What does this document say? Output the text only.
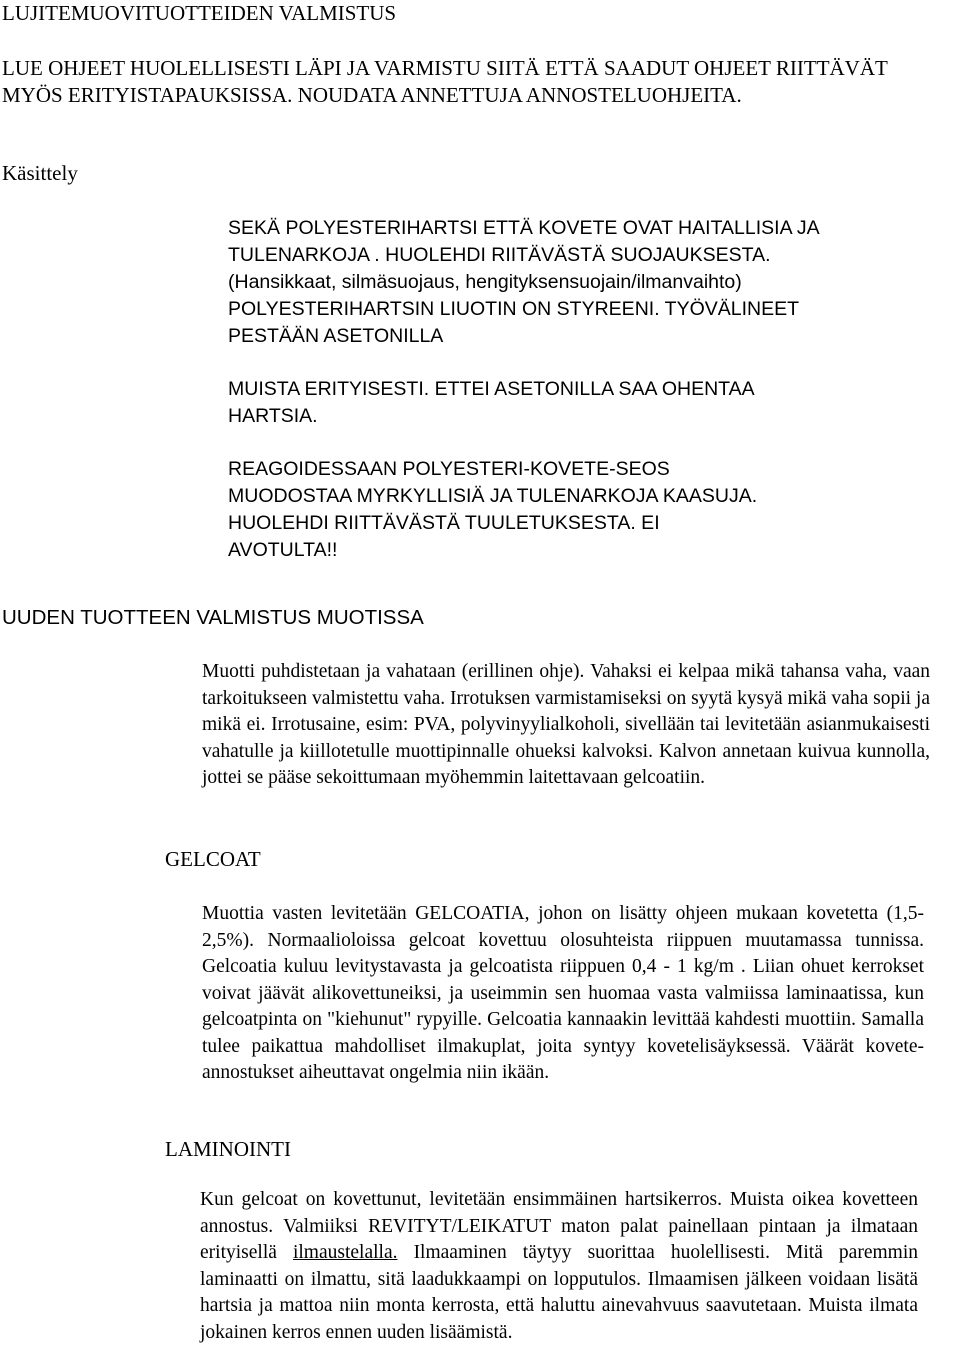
LUJITEMUOVITUOTTEIDEN VALMISTUS

LUE OHJEET HUOLELLISESTI LÄPI JA VARMISTU SIITÄ ETTÄ SAADUT OHJEET RIITTÄVÄT MYÖS ERITYISTAPAUKSISSA. NOUDATA ANNETTUJA ANNOSTELUOHJEITA.

Käsittely
SEKÄ POLYESTERIHARTSI ETTÄ KOVETE OVAT HAITALLISIA JA
TULENARKOJA . HUOLEHDI RIITÄVÄSTÄ SUOJAUKSESTA.
(Hansikkaat, silmäsuojaus, hengityksensuojain/ilmanvaihto)
POLYESTERIHARTSIN LIUOTIN ON STYREENI. TYÖVÄLINEET
PESTÄÄN ASETONILLA
MUISTA ERITYISESTI. ETTEI ASETONILLA SAA OHENTAA
HARTSIA.
REAGOIDESSAAN POLYESTERI-KOVETE-SEOS
MUODOSTAA MYRKYLLISIÄ JA TULENARKOJA KAASUJA.
HUOLEHDI RIITTÄVÄSTÄ TUULETUKSESTA. EI
AVOTULTA!!
UUDEN TUOTTEEN VALMISTUS MUOTISSA

Muotti puhdistetaan ja vahataan (erillinen ohje). Vahaksi ei kelpaa mikä tahansa vaha, vaan tarkoitukseen valmistettu vaha. Irrotuksen varmistamiseksi on syytä kysyä mikä vaha sopii ja mikä ei. Irrotusaine, esim: PVA, polyvinyylialkoholi, sivellään tai levitetään asianmukaisesti vahatulle ja kiillotetulle muottipinnalle ohueksi kalvoksi. Kalvon annetaan kuivua kunnolla, jottei se pääse sekoittumaan myöhemmin laitettavaan gelcoatiin.

GELCOAT

Muottia vasten levitetään GELCOATIA, johon on lisätty ohjeen mukaan kovetetta (1,5-2,5%). Normaalioloissa gelcoat kovettuu olosuhteista riippuen muutamassa tunnissa. Gelcoatia kuluu levitystavasta ja gelcoatista riippuen 0,4 - 1 kg/m . Liian ohuet kerrokset voivat jäävät alikovettuneiksi, ja useimmin sen huomaa vasta valmiissa laminaatissa, kun gelcoatpinta on "kiehunut" rypyille. Gelcoatia kannaakin levittää kahdesti muottiin. Samalla tulee paikattua mahdolliset ilmakuplat, joita syntyy kovetelisäyksessä. Väärät kovete-annostukset aiheuttavat ongelmia niin ikään.

LAMINOINTI

Kun gelcoat on kovettunut, levitetään ensimmäinen hartsikerros. Muista oikea kovetteen annostus. Valmiiksi REVITYT/LEIKATUT maton palat painellaan pintaan ja ilmataan erityisellä ilmaustelalla. Ilmaaminen täytyy suorittaa huolellisesti. Mitä paremmin laminaatti on ilmattu, sitä laadukkaampi on lopputulos. Ilmaamisen jälkeen voidaan lisätä hartsia ja mattoa niin monta kerrosta, että haluttu ainevahvuus saavutetaan. Muista ilmata jokainen kerros ennen uuden lisäämistä.
